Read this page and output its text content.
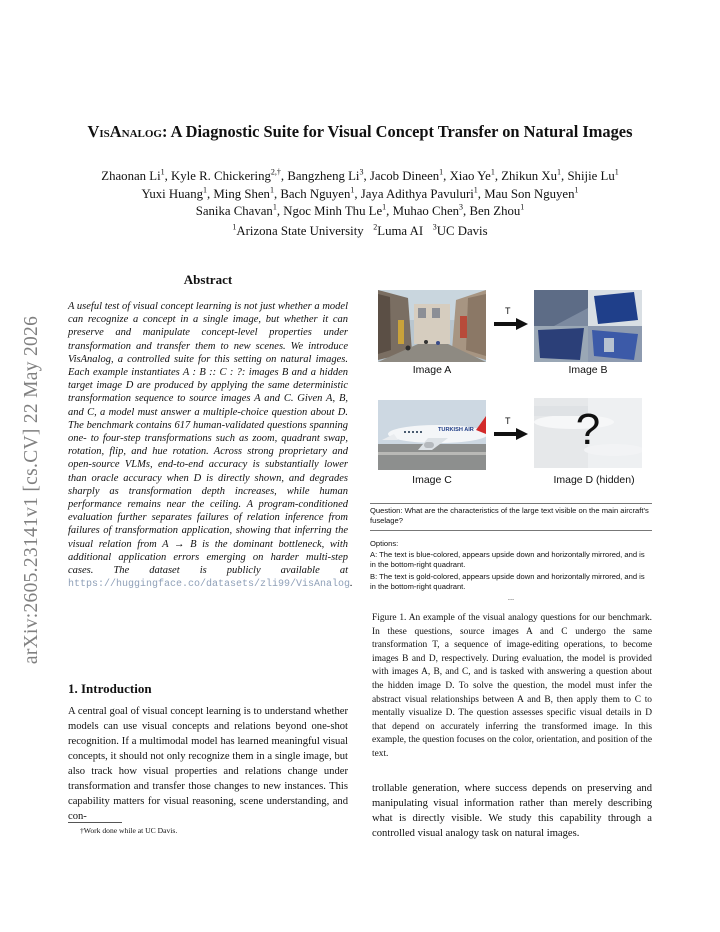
arXiv:2605.23141v1 [cs.CV] 22 May 2026
VisAnalog: A Diagnostic Suite for Visual Concept Transfer on Natural Images
Zhaonan Li$^1$, Kyle R. Chickering$^{2,\dagger}$, Bangzheng Li$^3$, Jacob Dineen$^1$, Xiao Ye$^1$, Zhikun Xu$^1$, Shijie Lu$^1$
Yuxi Huang$^1$, Ming Shen$^1$, Bach Nguyen$^1$, Jaya Adithya Pavuluri$^1$, Mau Son Nguyen$^1$
Sanika Chavan$^1$, Ngoc Minh Thu Le$^1$, Muhao Chen$^3$, Ben Zhou$^1$
$^1$Arizona State University $^2$Luma AI $^3$UC Davis
Abstract
A useful test of visual concept learning is not just whether a model can recognize a concept in a single image, but whether it can preserve and manipulate concept-level properties under transformation and transfer them to new scenes. We introduce VisAnalog, a controlled suite for this setting on natural images. Each example instantiates A : B :: C : ?: images B and a hidden target image D are produced by applying the same deterministic transformation sequence to source images A and C. Given A, B, and C, a model must answer a multiple-choice question about D. The benchmark contains 617 human-validated questions spanning one- to four-step transformations such as zoom, quadrant swap, rotation, flip, and hue rotation. Across strong proprietary and open-source VLMs, end-to-end accuracy is substantially lower than oracle accuracy when D is directly shown, and degrades sharply as transformation depth increases, while human performance remains near the ceiling. A program-conditioned evaluation further separates failures of relation inference from failures of transformation application, showing that inferring the visual relation from A → B is the dominant bottleneck, with additional application errors emerging on harder multi-step cases. The dataset is publicly available at https://huggingface.co/datasets/zli99/VisAnalog.
1. Introduction
A central goal of visual concept learning is to understand whether models can use visual concepts and relations beyond one-shot recognition. If a multimodal model has learned meaningful visual concepts, it should not only recognize them in a single image, but also track how visual properties and relations change under transformation and transfer those changes to new instances. This capability matters for visual reasoning, scene understanding, and con-
†Work done while at UC Davis.
Image A
T
Image B
TURKISH AIR
Image C
T	?
Image D (hidden)
Question: What are the characteristics of the large text visible on the main aircraft's fuselage?
Options:
A: The text is blue-colored, appears upside down and horizontally mirrored, and is in the bottom-right quadrant.
B: The text is gold-colored, appears upside down and horizontally mirrored, and is in the bottom-right quadrant.
...
Figure 1. An example of the visual analogy questions for our benchmark. In these questions, source images A and C undergo the same transformation T, a sequence of image-editing operations, to become images B and D, respectively. During evaluation, the model is provided with images A, B, and C, and is tasked with answering a question about the hidden image D. To solve the question, the model must infer the abstract visual relationships between A and B, then apply them to C to mentally visualize D. The question assesses specific visual details in D that depend on accurately inferring the transformed image. In this example, the question focuses on the color, orientation, and position of the text.
trollable generation, where success depends on preserving and manipulating visual information rather than merely describing what is directly visible. We study this capability through a controlled visual analogy task on natural images.
